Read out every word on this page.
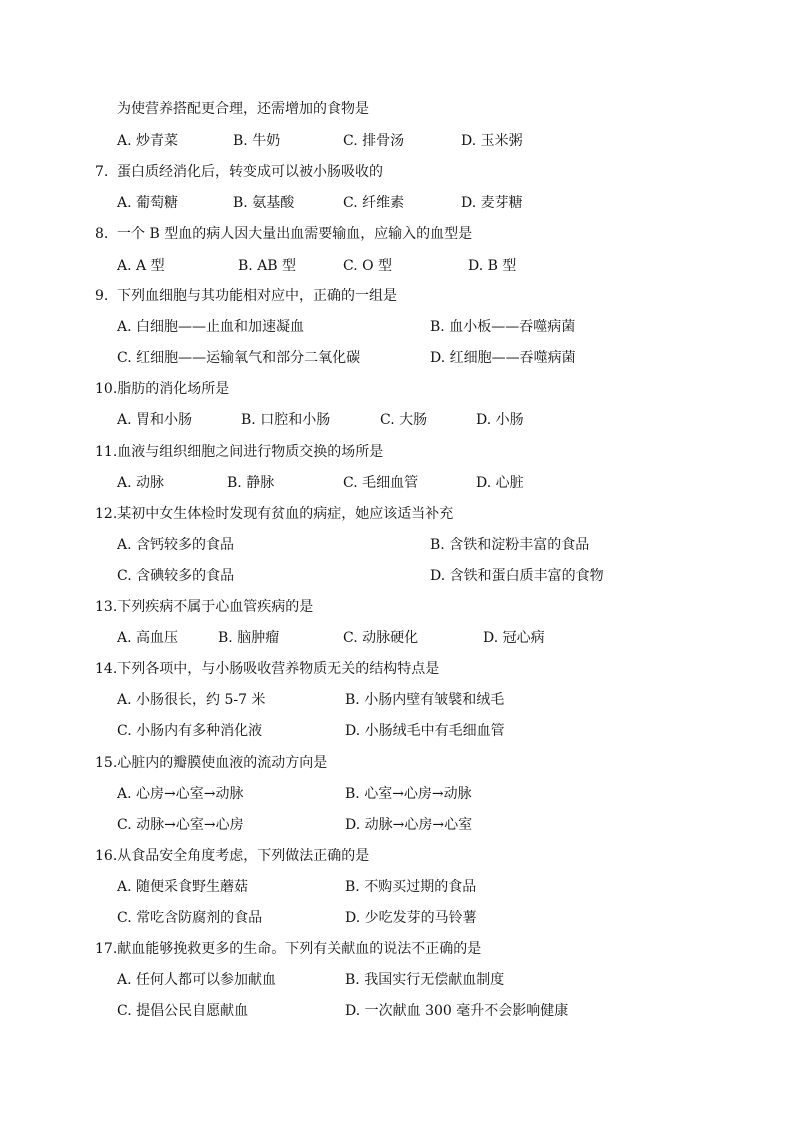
为使营养搭配更合理，还需增加的食物是
A. 炒青菜	B. 牛奶	C. 排骨汤	D. 玉米粥
7. 蛋白质经消化后，转变成可以被小肠吸收的
A. 葡萄糖	B. 氨基酸	C. 纤维素	D. 麦芽糖
8. 一个 B 型血的病人因大量出血需要输血，应输入的血型是
A. A 型	B. AB 型	C. O 型	D. B 型
9. 下列血细胞与其功能相对应中，正确的一组是
A. 白细胞——止血和加速凝血	B. 血小板——吞噬病菌
C. 红细胞——运输氧气和部分二氧化碳	D. 红细胞——吞噬病菌
10.脂肪的消化场所是
A. 胃和小肠	B. 口腔和小肠	C. 大肠	D. 小肠
11.血液与组织细胞之间进行物质交换的场所是
A. 动脉	B. 静脉	C. 毛细血管	D. 心脏
12.某初中女生体检时发现有贫血的病症，她应该适当补充
A. 含钙较多的食品	B. 含铁和淀粉丰富的食品
C. 含碘较多的食品	D. 含铁和蛋白质丰富的食物
13.下列疾病不属于心血管疾病的是
A. 高血压	B. 脑肿瘤	C. 动脉硬化	D. 冠心病
14.下列各项中，与小肠吸收营养物质无关的结构特点是
A. 小肠很长，约 5-7 米	B. 小肠内壁有皱襞和绒毛
C. 小肠内有多种消化液	D. 小肠绒毛中有毛细血管
15.心脏内的瓣膜使血液的流动方向是
A. 心房→心室→动脉	B. 心室→心房→动脉
C. 动脉→心室→心房	D. 动脉→心房→心室
16.从食品安全角度考虑，下列做法正确的是
A. 随便采食野生蘑菇	B. 不购买过期的食品
C. 常吃含防腐剂的食品	D. 少吃发芽的马铃薯
17.献血能够挽救更多的生命。下列有关献血的说法不正确的是
A. 任何人都可以参加献血	B. 我国实行无偿献血制度
C. 提倡公民自愿献血	D. 一次献血 300 毫升不会影响健康
